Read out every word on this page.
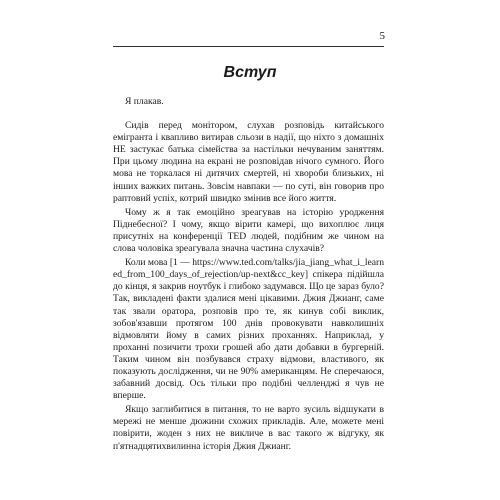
5
Вступ

Я плакав.

Сидів перед монітором, слухав розповідь китайського емігранта і квапливо витирав сльози в надії, що ніхто з домашніх НЕ застукає батька сімейства за настільки нечуваним заняттям. При цьому людина на екрані не розповідав нічого сумного. Його мова не торкалася ні дитячих смертей, ні хвороби близьких, ні інших важких питань. Зовсім навпаки — по суті, він говорив про раптовий успіх, котрий швидко змінив все його життя.

Чому ж я так емоційно зреагував на історію уродження Піднебесної? І чому, якщо вірити камері, що вихоплює лиця присутніх на конференції TED людей, подібним же чином на слова чоловіка зреагувала значна частина слухачів?

Коли мова [1 — https://www.ted.com/talks/jia_jiang_what_i_learned_from_100_days_of_rejection/up-next&cc_key] спікера підійшла до кінця, я закрив ноутбук і глибоко задумався. Що це зараз було? Так, викладені факти здалися мені цікавими. Джия Джианг, саме так звали оратора, розповів про те, як кинув собі виклик, зобов'язавши протягом 100 днів провокувати навколишніх відмовляти йому в самих різних проханнях. Наприклад, у проханні позичити трохи грошей або дати добавки в бургерній. Таким чином він позбувався страху відмови, властивого, як показують дослідження, чи не 90% американцям. Не сперечаюся, забавний досвід. Ось тільки про подібні челленджі я чув не вперше.

Якщо заглибитися в питання, то не варто зусиль відшукати в мережі не менше дюжини схожих прикладів. Але, можете мені повірити, жоден з них не викличе в вас такого ж відгуку, як п'ятнадцятихвилинна історія Джия Джианг.
